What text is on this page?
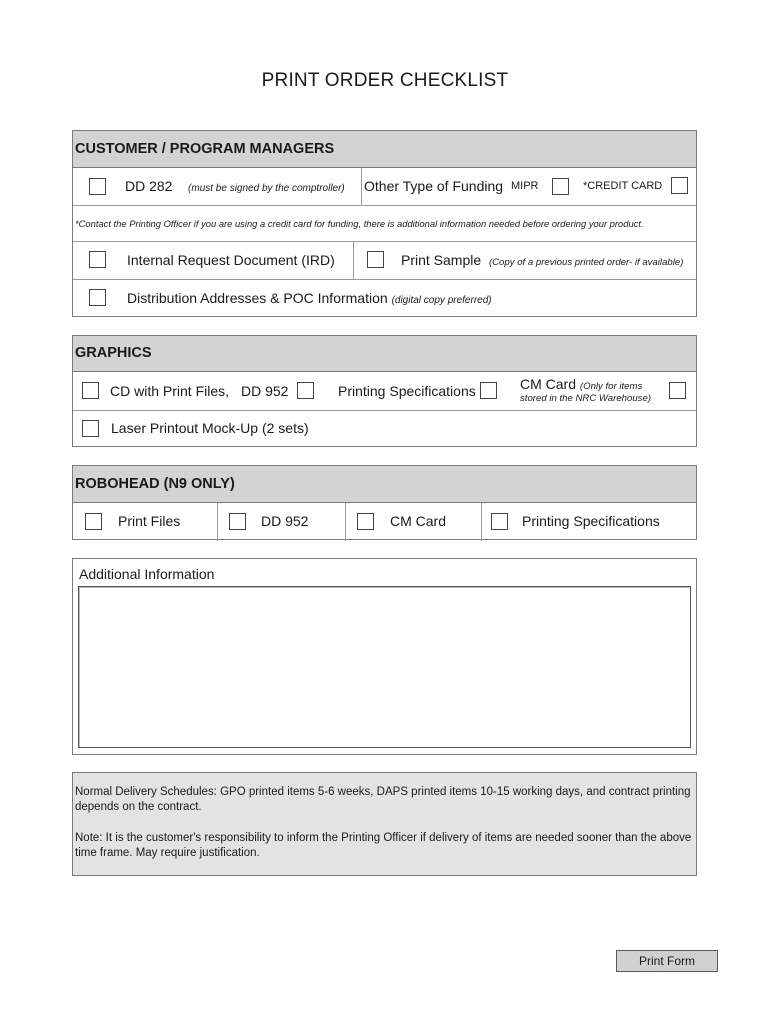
PRINT ORDER CHECKLIST
CUSTOMER / PROGRAM MANAGERS
DD 282 (must be signed by the comptroller) Other Type of Funding MIPR	*CREDIT CARD
*Contact the Printing Officer if you are using a credit card for funding, there is additional information needed before ordering your product.
Internal Request Document (IRD)	Print Sample (Copy of a previous printed order- if available)
Distribution Addresses & POC Information (digital copy preferred)
GRAPHICS
CD with Print Files, DD 952	Printing Specifications	CM Card (Only for items
stored in the NRC Warehouse)
Laser Printout Mock-Up (2 sets)
ROBOHEAD (N9 ONLY)
Print Files	DD 952	CM Card	Printing Specifications
Additional Information

Normal Delivery Schedules: GPO printed items 5-6 weeks, DAPS printed items 10-15 working days, and contract printing depends on the contract.

Note: It is the customer's responsibility to inform the Printing Officer if delivery of items are needed sooner than the above time frame. May require justification.

Print Form
